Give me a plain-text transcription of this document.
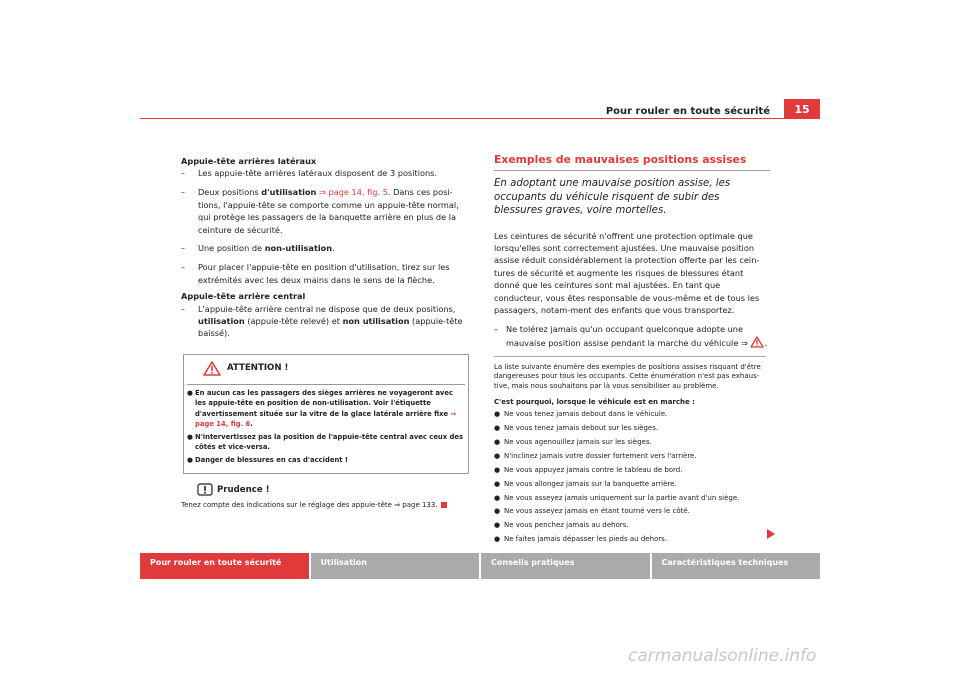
Pour rouler en toute sécurité	15

Appuie-tête arrières latéraux

– Les appuie-tête arrières latéraux disposent de 3 positions.
– Deux positions d'utilisation ⇒ page 14, fig. 5. Dans ces posi-tions, l'appuie-tête se comporte comme un appuie-tête normal, qui protège les passagers de la banquette arrière en plus de la ceinture de sécurité.
– Une position de non-utilisation.
– Pour placer l'appuie-tête en position d'utilisation, tirez sur les extrémités avec les deux mains dans le sens de la flèche.

Appuie-tête arrière central

– L'appuie-tête arrière central ne dispose que de deux positions, utilisation (appuie-tête relevé) et non utilisation (appuie-tête baissé).
ATTENTION !
● En aucun cas les passagers des sièges arrières ne voyageront avec les appuie-tête en position de non-utilisation. Voir l'étiquette d'avertissement située sur la vitre de la glace latérale arrière fixe ⇒ page 14, fig. 6.
● N'intervertissez pas la position de l'appuie-tête central avec ceux des côtés et vice-versa.
● Danger de blessures en cas d'accident !
Prudence !
Tenez compte des indications sur le réglage des appuie-tête ⇒ page 133.

Exemples de mauvaises positions assises

En adoptant une mauvaise position assise, les occupants du véhicule risquent de subir des blessures graves, voire mortelles.

Les ceintures de sécurité n'offrent une protection optimale que lorsqu'elles sont correctement ajustées. Une mauvaise position assise réduit considérablement la protection offerte par les cein-tures de sécurité et augmente les risques de blessures étant donné que les ceintures sont mal ajustées. En tant que conducteur, vous êtes responsable de vous-même et de tous les passagers, notam-ment des enfants que vous transportez.

– Ne tolérez jamais qu'un occupant quelconque adopte une mauvaise position assise pendant la marche du véhicule ⇒ .

La liste suivante énumère des exemples de positions assises risquant d'être dangereuses pour tous les occupants. Cette énumération n'est pas exhaus-tive, mais nous souhaitons par là vous sensibiliser au problème.

C'est pourquoi, lorsque le véhicule est en marche :

● Ne vous tenez jamais debout dans le véhicule.
● Ne vous tenez jamais debout sur les sièges.
● Ne vous agenouillez jamais sur les sièges.
● N'inclinez jamais votre dossier fortement vers l'arrière.
● Ne vous appuyez jamais contre le tableau de bord.
● Ne vous allongez jamais sur la banquette arrière.
● Ne vous asseyez jamais uniquement sur la partie avant d'un siège.
● Ne vous asseyez jamais en étant tourné vers le côté.
● Ne vous penchez jamais au dehors.
● Ne faites jamais dépasser les pieds au dehors.
Pour rouler en toute sécurité	Utilisation	Conseils pratiques	Caractéristiques techniques
carmanualsonline.info
